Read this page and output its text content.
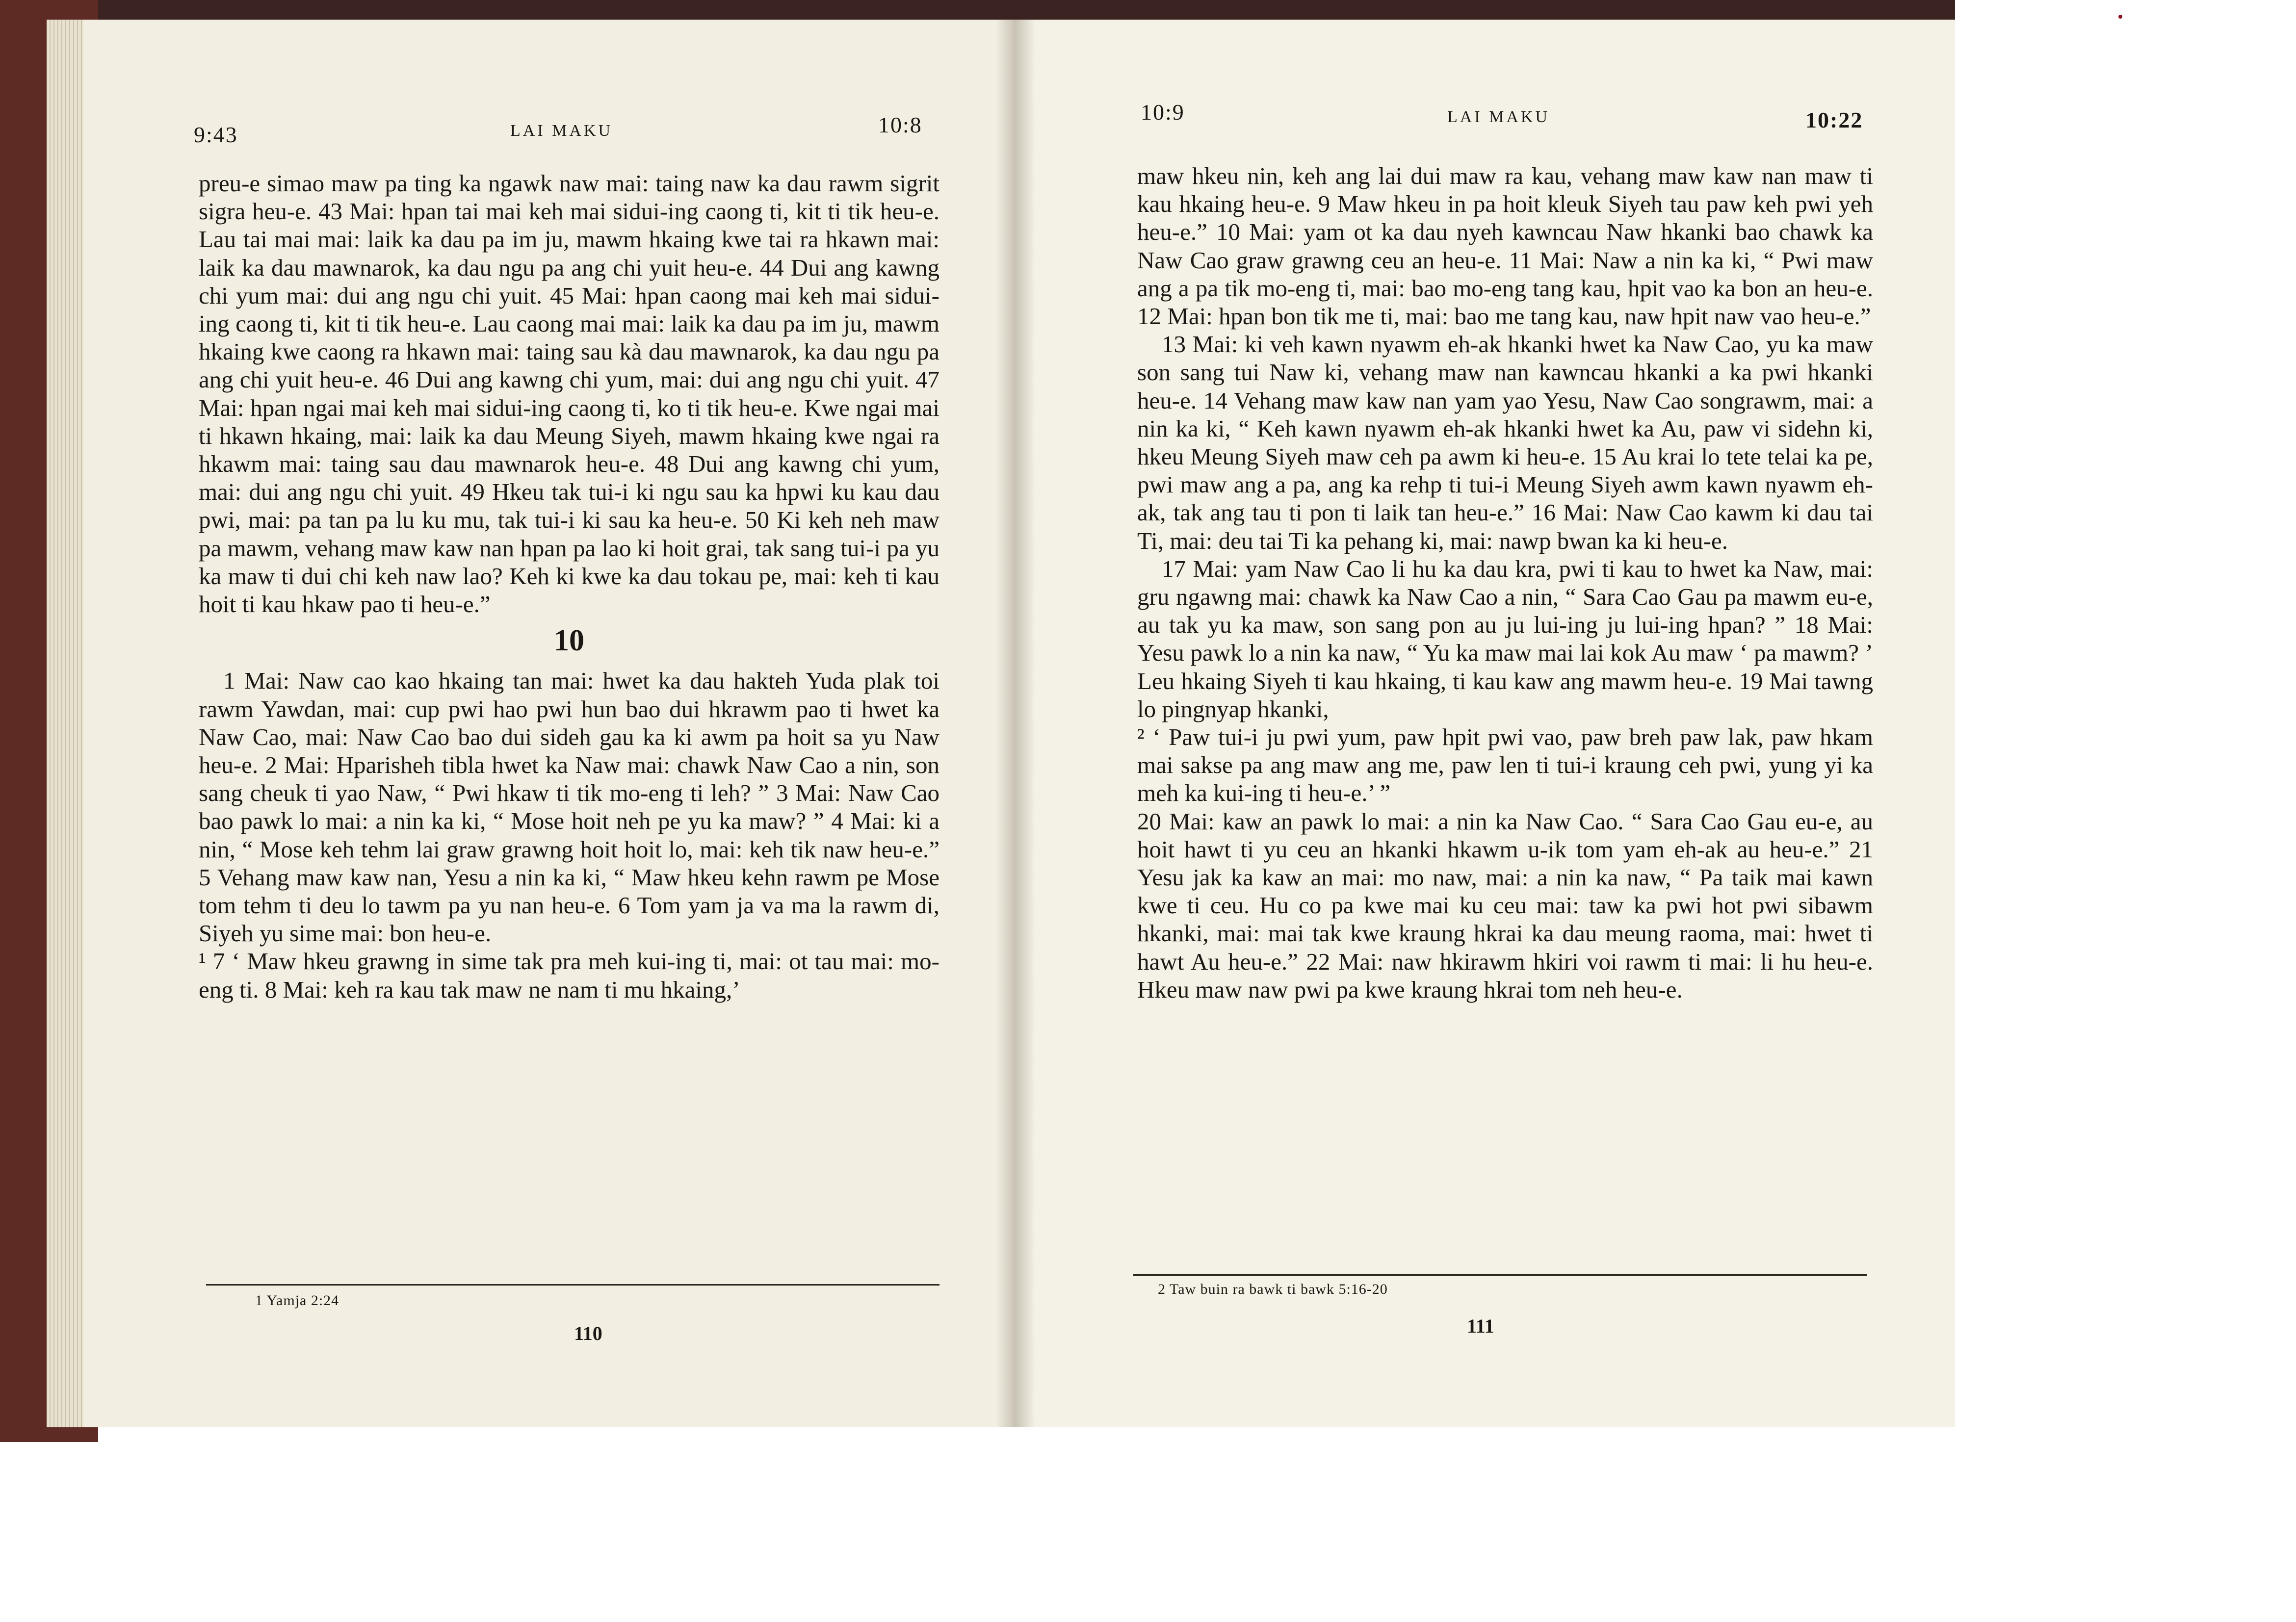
9:43	LAI MAKU	10:8

preu-e simao maw pa ting ka ngawk naw mai: taing naw ka dau rawm sigrit sigra heu-e. 43 Mai: hpan tai mai keh mai sidui-ing caong ti, kit ti tik heu-e. Lau tai mai mai: laik ka dau pa im ju, mawm hkaing kwe tai ra hkawn mai: laik ka dau mawnarok, ka dau ngu pa ang chi yuit heu-e. 44 Dui ang kawng chi yum mai: dui ang ngu chi yuit. 45 Mai: hpan caong mai keh mai sidui-ing caong ti, kit ti tik heu-e. Lau caong mai mai: laik ka dau pa im ju, mawm hkaing kwe caong ra hkawn mai: taing sau kà dau mawnarok, ka dau ngu pa ang chi yuit heu-e. 46 Dui ang kawng chi yum, mai: dui ang ngu chi yuit. 47 Mai: hpan ngai mai keh mai sidui-ing caong ti, ko ti tik heu-e. Kwe ngai mai ti hkawn hkaing, mai: laik ka dau Meung Siyeh, mawm hkaing kwe ngai ra hkawm mai: taing sau dau mawnarok heu-e. 48 Dui ang kawng chi yum, mai: dui ang ngu chi yuit. 49 Hkeu tak tui-i ki ngu sau ka hpwi ku kau dau pwi, mai: pa tan pa lu ku mu, tak tui-i ki sau ka heu-e. 50 Ki keh neh maw pa mawm, vehang maw kaw nan hpan pa lao ki hoit grai, tak sang tui-i pa yu ka maw ti dui chi keh naw lao? Keh ki kwe ka dau tokau pe, mai: keh ti kau hoit ti kau hkaw pao ti heu-e.”

10

1 Mai: Naw cao kao hkaing tan mai: hwet ka dau hakteh Yuda plak toi rawm Yawdan, mai: cup pwi hao pwi hun bao dui hkrawm pao ti hwet ka Naw Cao, mai: Naw Cao bao dui sideh gau ka ki awm pa hoit sa yu Naw heu-e. 2 Mai: Hparisheh tibla hwet ka Naw mai: chawk Naw Cao a nin, son sang cheuk ti yao Naw, “ Pwi hkaw ti tik mo-eng ti leh? ” 3 Mai: Naw Cao bao pawk lo mai: a nin ka ki, “ Mose hoit neh pe yu ka maw? ” 4 Mai: ki a nin, “ Mose keh tehm lai graw grawng hoit hoit lo, mai: keh tik naw heu-e.” 5 Vehang maw kaw nan, Yesu a nin ka ki, “ Maw hkeu kehn rawm pe Mose tom tehm ti deu lo tawm pa yu nan heu-e. 6 Tom yam ja va ma la rawm di, Siyeh yu sime mai: bon heu-e.

¹ 7 ‘ Maw hkeu grawng in sime tak pra meh kui-ing ti, mai: ot tau mai: mo-eng ti. 8 Mai: keh ra kau tak maw ne nam ti mu hkaing,’

1 Yamja 2:24
110
10:9	LAI MAKU	10:22

maw hkeu nin, keh ang lai dui maw ra kau, vehang maw kaw nan maw ti kau hkaing heu-e. 9 Maw hkeu in pa hoit kleuk Siyeh tau paw keh pwi yeh heu-e.” 10 Mai: yam ot ka dau nyeh kawncau Naw hkanki bao chawk ka Naw Cao graw grawng ceu an heu-e. 11 Mai: Naw a nin ka ki, “ Pwi maw ang a pa tik mo-eng ti, mai: bao mo-eng tang kau, hpit vao ka bon an heu-e. 12 Mai: hpan bon tik me ti, mai: bao me tang kau, naw hpit naw vao heu-e.”

13 Mai: ki veh kawn nyawm eh-ak hkanki hwet ka Naw Cao, yu ka maw son sang tui Naw ki, vehang maw nan kawncau hkanki a ka pwi hkanki heu-e. 14 Vehang maw kaw nan yam yao Yesu, Naw Cao songrawm, mai: a nin ka ki, “ Keh kawn nyawm eh-ak hkanki hwet ka Au, paw vi sidehn ki, hkeu Meung Siyeh maw ceh pa awm ki heu-e. 15 Au krai lo tete telai ka pe, pwi maw ang a pa, ang ka rehp ti tui-i Meung Siyeh awm kawn nyawm eh-ak, tak ang tau ti pon ti laik tan heu-e.” 16 Mai: Naw Cao kawm ki dau tai Ti, mai: deu tai Ti ka pehang ki, mai: nawp bwan ka ki heu-e.

17 Mai: yam Naw Cao li hu ka dau kra, pwi ti kau to hwet ka Naw, mai: gru ngawng mai: chawk ka Naw Cao a nin, “ Sara Cao Gau pa mawm eu-e, au tak yu ka maw, son sang pon au ju lui-ing ju lui-ing hpan? ” 18 Mai: Yesu pawk lo a nin ka naw, “ Yu ka maw mai lai kok Au maw ‘ pa mawm? ’ Leu hkaing Siyeh ti kau hkaing, ti kau kaw ang mawm heu-e. 19 Mai tawng lo pingnyap hkanki,

² ‘ Paw tui-i ju pwi yum, paw hpit pwi vao, paw breh paw lak, paw hkam mai sakse pa ang maw ang me, paw len ti tui-i kraung ceh pwi, yung yi ka meh ka kui-ing ti heu-e.’ ”

20 Mai: kaw an pawk lo mai: a nin ka Naw Cao. “ Sara Cao Gau eu-e, au hoit hawt ti yu ceu an hkanki hkawm u-ik tom yam eh-ak au heu-e.” 21 Yesu jak ka kaw an mai: mo naw, mai: a nin ka naw, “ Pa taik mai kawn kwe ti ceu. Hu co pa kwe mai ku ceu mai: taw ka pwi hot pwi sibawm hkanki, mai: mai tak kwe kraung hkrai ka dau meung raoma, mai: hwet ti hawt Au heu-e.” 22 Mai: naw hkirawm hkiri voi rawm ti mai: li hu heu-e. Hkeu maw naw pwi pa kwe kraung hkrai tom neh heu-e.

2 Taw buin ra bawk ti bawk 5:16-20
111
